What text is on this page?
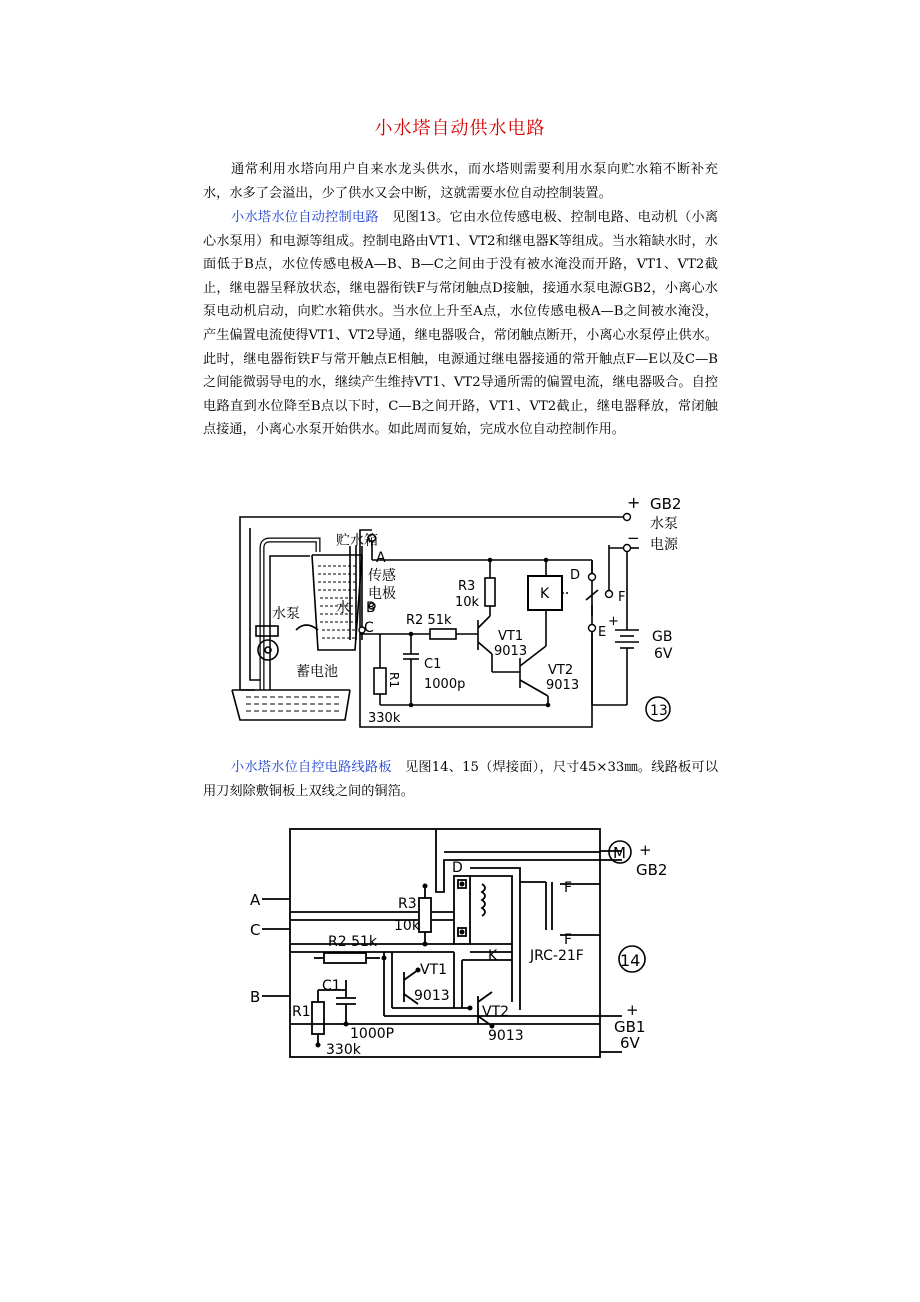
小水塔自动供水电路

通常利用水塔向用户自来水龙头供水，而水塔则需要利用水泵向贮水箱不断补充水，水多了会溢出，少了供水又会中断，这就需要水位自动控制装置。

小水塔水位自动控制电路 见图13。它由水位传感电极、控制电路、电动机（小离心水泵用）和电源等组成。控制电路由VT1、VT2和继电器K等组成。当水箱缺水时，水面低于B点，水位传感电极A—B、B—C之间由于没有被水淹没而开路，VT1、VT2截止，继电器呈释放状态，继电器衔铁F与常闭触点D接触，接通水泵电源GB2，小离心水泵电动机启动，向贮水箱供水。当水位上升至A点，水位传感电极A—B之间被水淹没，产生偏置电流使得VT1、VT2导通，继电器吸合，常闭触点断开，小离心水泵停止供水。此时，继电器衔铁F与常开触点E相触，电源通过继电器接通的常开触点F—E以及C—B之间能微弱导电的水，继续产生维持VT1、VT2导通所需的偏置电流，继电器吸合。自控电路直到水位降至B点以下时，C—B之间开路，VT1、VT2截止，继电器释放，常闭触点接通，小离心水泵开始供水。如此周而复始，完成水位自动控制作用。

+ GB2
水泵
电源
−
贮水箱
A
传感
电极
水 B
C
水泵
蓄电池
R3
10k
R2 51k
VT1
9013
VT2
9013
K
C1
1000p
R1
330k
D
F
E
+
GB
6V
13

小水塔水位自控电路线路板 见图14、15（焊接面），尺寸45×33㎜。线路板可以用刀刻除敷铜板上双线之间的铜箔。

M +
GB2
A
C
B
D
F
F
R3
10k
K JRC-21F
R2 51k
VT1
C1
9013
VT2
R1
1000P	9013
330k
+
GB1
6V
14
